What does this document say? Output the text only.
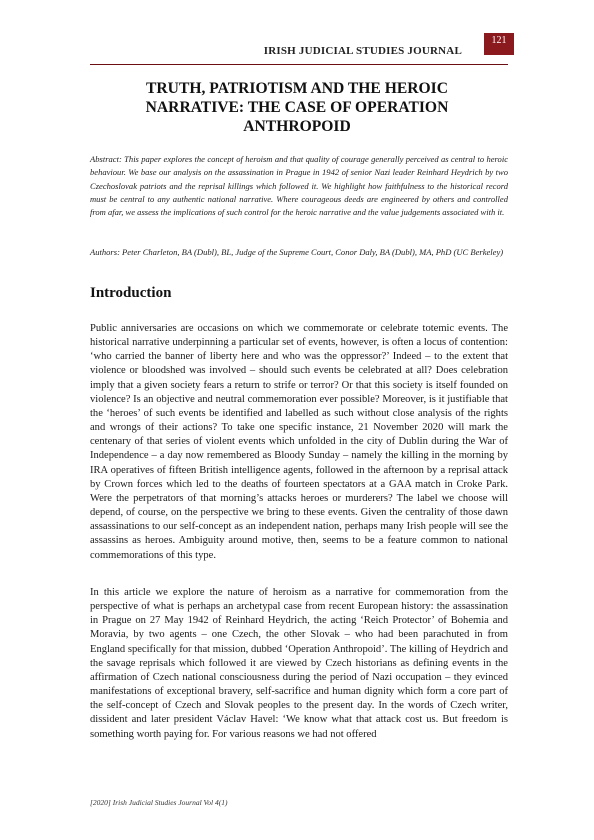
IRISH JUDICIAL STUDIES JOURNAL
121
TRUTH, PATRIOTISM AND THE HEROIC NARRATIVE: THE CASE OF OPERATION ANTHROPOID
Abstract: This paper explores the concept of heroism and that quality of courage generally perceived as central to heroic behaviour. We base our analysis on the assassination in Prague in 1942 of senior Nazi leader Reinhard Heydrich by two Czechoslovak patriots and the reprisal killings which followed it. We highlight how faithfulness to the historical record must be central to any authentic national narrative. Where courageous deeds are engineered by others and controlled from afar, we assess the implications of such control for the heroic narrative and the value judgements associated with it.
Authors: Peter Charleton, BA (Dubl), BL, Judge of the Supreme Court, Conor Daly, BA (Dubl), MA, PhD (UC Berkeley)
Introduction
Public anniversaries are occasions on which we commemorate or celebrate totemic events. The historical narrative underpinning a particular set of events, however, is often a locus of contention: ‘who carried the banner of liberty here and who was the oppressor?’ Indeed – to the extent that violence or bloodshed was involved – should such events be celebrated at all? Does celebration imply that a given society fears a return to strife or terror? Or that this society is itself founded on violence? Is an objective and neutral commemoration ever possible? Moreover, is it justifiable that the ‘heroes’ of such events be identified and labelled as such without close analysis of the rights and wrongs of their actions? To take one specific instance, 21 November 2020 will mark the centenary of that series of violent events which unfolded in the city of Dublin during the War of Independence – a day now remembered as Bloody Sunday – namely the killing in the morning by IRA operatives of fifteen British intelligence agents, followed in the afternoon by a reprisal attack by Crown forces which led to the deaths of fourteen spectators at a GAA match in Croke Park. Were the perpetrators of that morning’s attacks heroes or murderers? The label we choose will depend, of course, on the perspective we bring to these events. Given the centrality of those dawn assassinations to our self-concept as an independent nation, perhaps many Irish people will see the assassins as heroes. Ambiguity around motive, then, seems to be a feature common to national commemorations of this type.
In this article we explore the nature of heroism as a narrative for commemoration from the perspective of what is perhaps an archetypal case from recent European history: the assassination in Prague on 27 May 1942 of Reinhard Heydrich, the acting ‘Reich Protector’ of Bohemia and Moravia, by two agents – one Czech, the other Slovak – who had been parachuted in from England specifically for that mission, dubbed ‘Operation Anthropoid’. The killing of Heydrich and the savage reprisals which followed it are viewed by Czech historians as defining events in the affirmation of Czech national consciousness during the period of Nazi occupation – they evinced manifestations of exceptional bravery, self-sacrifice and human dignity which form a core part of the self-concept of Czech and Slovak peoples to the present day. In the words of Czech writer, dissident and later president Václav Havel: ‘We know what that attack cost us. But freedom is something worth paying for. For various reasons we had not offered
[2020] Irish Judicial Studies Journal Vol 4(1)
